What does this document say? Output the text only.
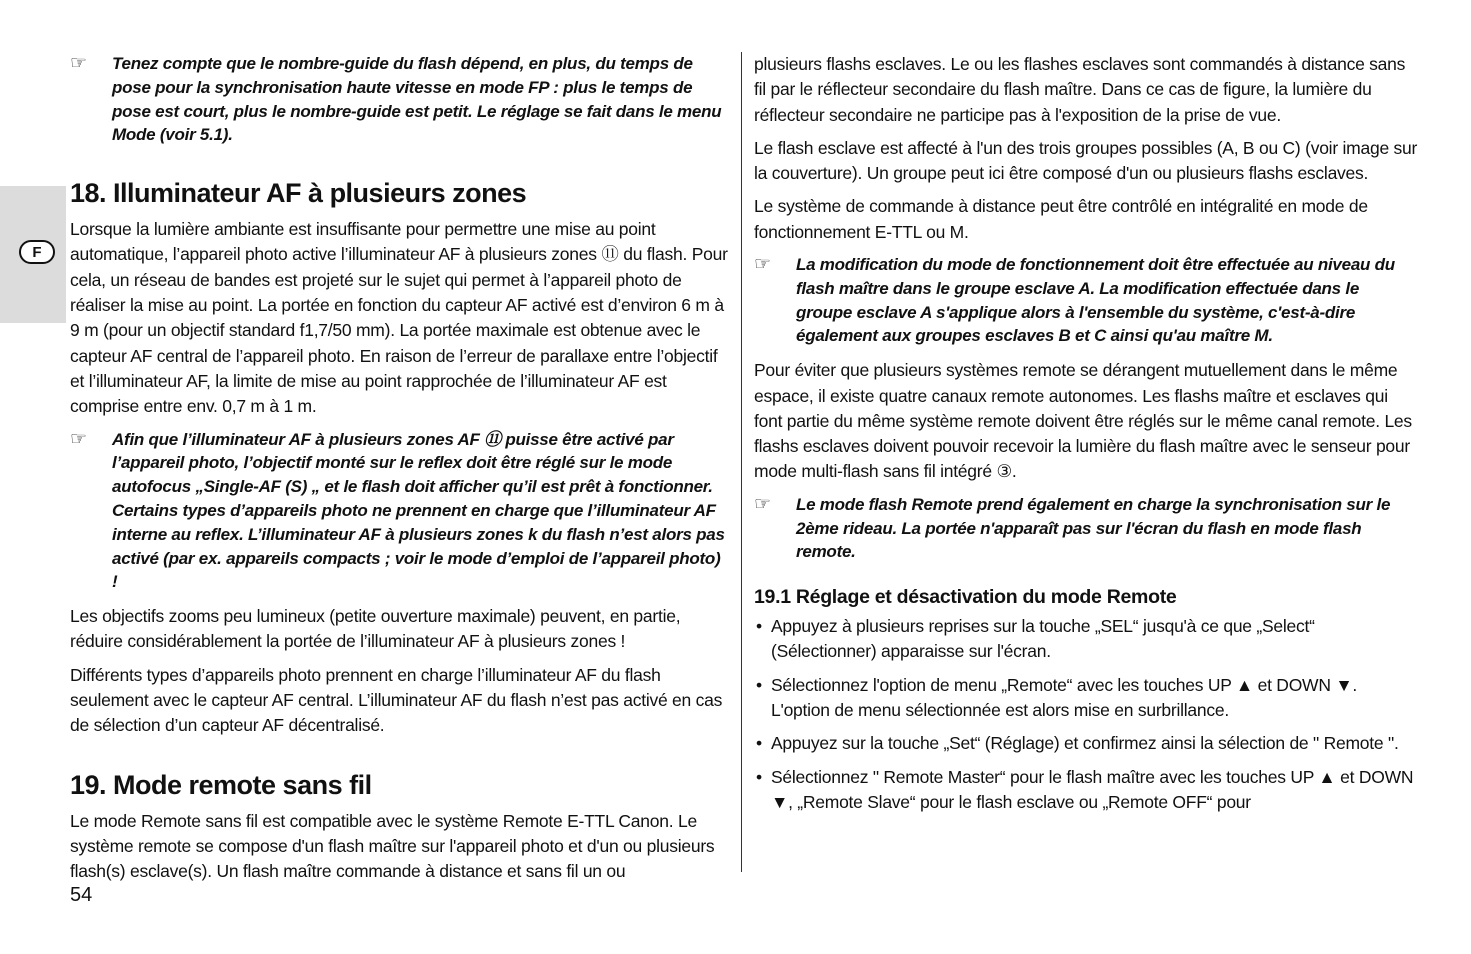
F
☞ Tenez compte que le nombre-guide du flash dépend, en plus, du temps de pose pour la synchronisation haute vitesse en mode FP : plus le temps de pose est court, plus le nombre-guide est petit. Le réglage se fait dans le menu Mode (voir 5.1).
18. Illuminateur AF à plusieurs zones

Lorsque la lumière ambiante est insuffisante pour permettre une mise au point automatique, l’appareil photo active l’illuminateur AF à plusieurs zones ⑪ du flash. Pour cela, un réseau de bandes est projeté sur le sujet qui permet à l’appareil photo de réaliser la mise au point. La portée en fonction du capteur AF activé est d’environ 6 m à 9 m (pour un objectif standard f1,7/50 mm). La portée maximale est obtenue avec le capteur AF central de l’appareil photo. En raison de l’erreur de parallaxe entre l’objectif et l’illuminateur AF, la limite de mise au point rapprochée de l’illuminateur AF est comprise entre env. 0,7 m à 1 m.

☞ Afin que l’illuminateur AF à plusieurs zones AF ⑪ puisse être activé par l’appareil photo, l’objectif monté sur le reflex doit être réglé sur le mode autofocus „Single-AF (S) „ et le flash doit afficher qu’il est prêt à fonctionner. Certains types d’appareils photo ne prennent en charge que l’illuminateur AF interne au reflex. L’illuminateur AF à plusieurs zones k du flash n’est alors pas activé (par ex. appareils compacts ; voir le mode d’emploi de l’appareil photo) !

Les objectifs zooms peu lumineux (petite ouverture maximale) peuvent, en partie, réduire considérablement la portée de l’illuminateur AF à plusieurs zones !

Différents types d’appareils photo prennent en charge l’illuminateur AF du flash seulement avec le capteur AF central. L’illuminateur AF du flash n’est pas activé en cas de sélection d’un capteur AF décentralisé.

19. Mode remote sans fil

Le mode Remote sans fil est compatible avec le système Remote E-TTL Canon. Le système remote se compose d'un flash maître sur l'appareil photo et d'un ou plusieurs flash(s) esclave(s). Un flash maître commande à distance et sans fil un ou

plusieurs flashs esclaves. Le ou les flashes esclaves sont commandés à distance sans fil par le réflecteur secondaire du flash maître. Dans ce cas de figure, la lumière du réflecteur secondaire ne participe pas à l'exposition de la prise de vue.

Le flash esclave est affecté à l'un des trois groupes possibles (A, B ou C) (voir image sur la couverture). Un groupe peut ici être composé d'un ou plusieurs flashs esclaves.

Le système de commande à distance peut être contrôlé en intégralité en mode de fonctionnement E-TTL ou M.

☞ La modification du mode de fonctionnement doit être effectuée au niveau du flash maître dans le groupe esclave A. La modification effectuée dans le groupe esclave A s'applique alors à l'ensemble du système, c'est-à-dire également aux groupes esclaves B et C ainsi qu'au maître M.

Pour éviter que plusieurs systèmes remote se dérangent mutuellement dans le même espace, il existe quatre canaux remote autonomes. Les flashs maître et esclaves qui font partie du même système remote doivent être réglés sur le même canal remote. Les flashs esclaves doivent pouvoir recevoir la lumière du flash maître avec le senseur pour mode multi-flash sans fil intégré ③.

☞ Le mode flash Remote prend également en charge la synchronisation sur le 2ème rideau. La portée n'apparaît pas sur l'écran du flash en mode flash remote.
19.1 Réglage et désactivation du mode Remote
• Appuyez à plusieurs reprises sur la touche „SEL“ jusqu'à ce que „Select“ (Sélectionner) apparaisse sur l'écran.
• Sélectionnez l'option de menu „Remote“ avec les touches UP ▲ et DOWN ▼. L'option de menu sélectionnée est alors mise en surbrillance.
• Appuyez sur la touche „Set“ (Réglage) et confirmez ainsi la sélection de " Remote ".
• Sélectionnez " Remote Master“ pour le flash maître avec les touches UP ▲ et DOWN ▼, „Remote Slave“ pour le flash esclave ou „Remote OFF“ pour
54
